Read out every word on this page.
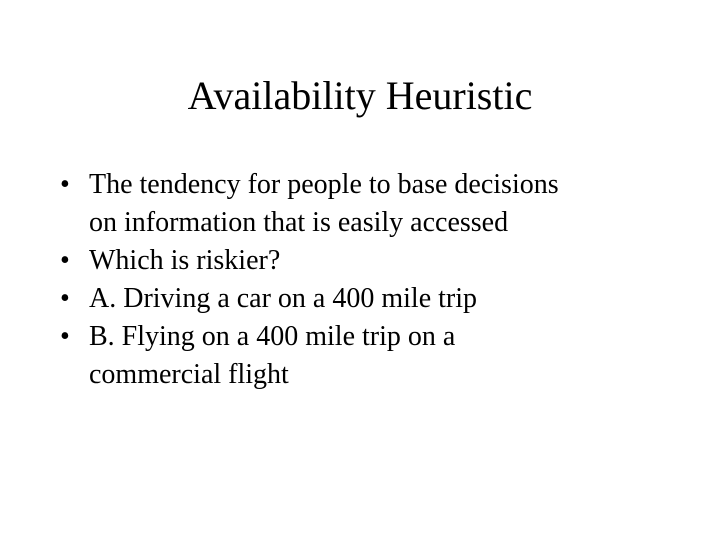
Availability Heuristic
• The tendency for people to base decisions
on information that is easily accessed
• Which is riskier?
• A. Driving a car on a 400 mile trip
• B. Flying on a 400 mile trip on a
commercial flight
